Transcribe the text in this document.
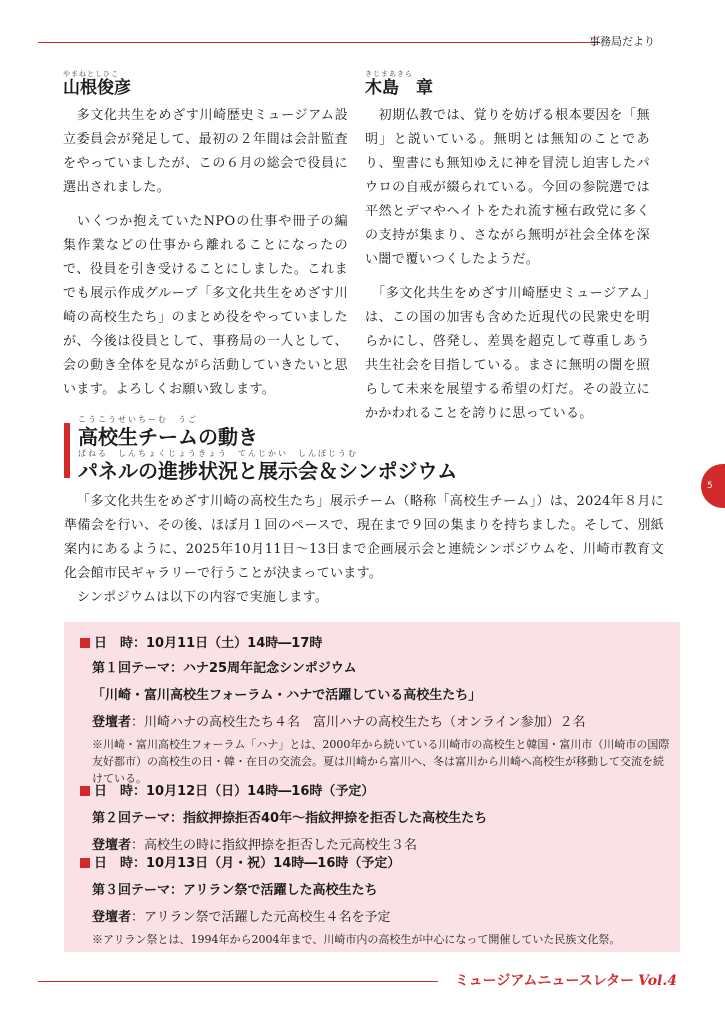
事務局だより
やまねとしひこ
山根俊彦

　多文化共生をめざす川崎歴史ミュージアム設立委員会が発足して、最初の２年間は会計監査をやっていましたが、この６月の総会で役員に選出されました。

　いくつか抱えていたNPOの仕事や冊子の編集作業などの仕事から離れることになったので、役員を引き受けることにしました。これまでも展示作成グループ「多文化共生をめざす川崎の高校生たち」のまとめ役をやっていましたが、今後は役員として、事務局の一人として、会の動き全体を見ながら活動していきたいと思います。よろしくお願い致します。

きじまあきら
木島　章

　初期仏教では、覚りを妨げる根本要因を「無明」と説いている。無明とは無知のことであり、聖書にも無知ゆえに神を冒涜し迫害したパウロの自戒が綴られている。今回の参院選では平然とデマやヘイトをたれ流す極右政党に多くの支持が集まり、さながら無明が社会全体を深い闇で覆いつくしたようだ。

　「多文化共生をめざす川崎歴史ミュージアム」は、この国の加害も含めた近現代の民衆史を明らかにし、啓発し、差異を超克して尊重しあう共生社会を目指している。まさに無明の闇を照らして未来を展望する希望の灯だ。その設立にかかわれることを誇りに思っている。

5
こうこうせいちーむ　うご
高校生チームの動き
ぱねる　しんちょくじょうきょう　てんじかい　しんぽじうむ
パネルの進捗状況と展示会＆シンポジウム

「多文化共生をめざす川崎の高校生たち」展示チーム（略称「高校生チーム」）は、2024年８月に準備会を行い、その後、ほぼ月１回のペースで、現在まで９回の集まりを持ちました。そして、別紙案内にあるように、2025年10月11日～13日まで企画展示会と連続シンポジウムを、川崎市教育文化会館市民ギャラリーで行うことが決まっています。

シンポジウムは以下の内容で実施します。

日　時：10月11日（土）14時―17時
第１回テーマ：ハナ25周年記念シンポジウム
「川崎・富川高校生フォーラム・ハナで活躍している高校生たち」
登壇者：川崎ハナの高校生たち４名　富川ハナの高校生たち（オンライン参加）２名
※川崎・富川高校生フォーラム「ハナ」とは、2000年から続いている川崎市の高校生と韓国・富川市（川崎市の国際友好都市）の高校生の日・韓・在日の交流会。夏は川崎から富川へ、冬は富川から川崎へ高校生が移動して交流を続けている。
日　時：10月12日（日）14時―16時（予定）
第２回テーマ：指紋押捺拒否40年～指紋押捺を拒否した高校生たち
登壇者：高校生の時に指紋押捺を拒否した元高校生３名
日　時：10月13日（月・祝）14時―16時（予定）
第３回テーマ：アリラン祭で活躍した高校生たち
登壇者：アリラン祭で活躍した元高校生４名を予定
※アリラン祭とは、1994年から2004年まで、川崎市内の高校生が中心になって開催していた民族文化祭。
ミュージアムニュースレター Vol.4
